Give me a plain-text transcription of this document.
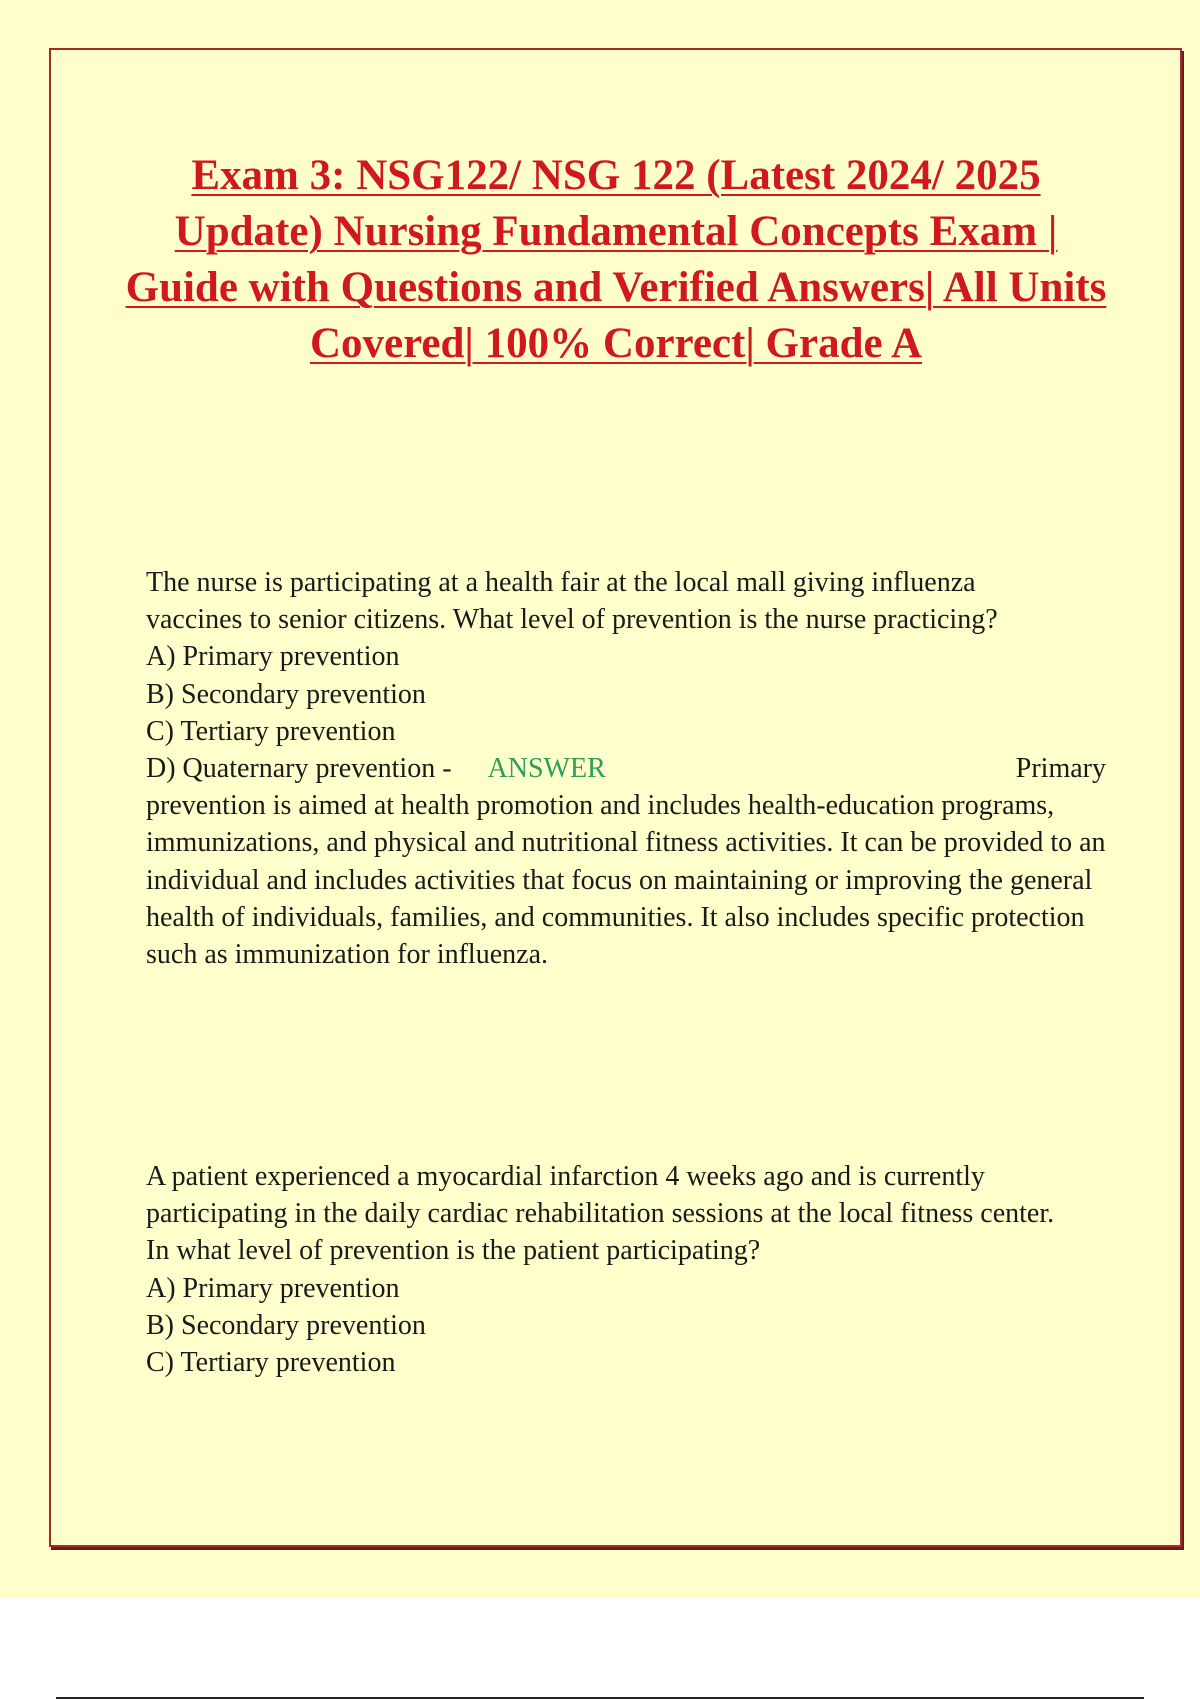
Exam 3: NSG122/ NSG 122 (Latest 2024/ 2025 Update) Nursing Fundamental Concepts Exam | Guide with Questions and Verified Answers| All Units Covered| 100% Correct| Grade A

The nurse is participating at a health fair at the local mall giving influenza vaccines to senior citizens. What level of prevention is the nurse practicing?

A) Primary prevention

B) Secondary prevention

C) Tertiary prevention

D) Quaternary prevention - ANSWER	Primary

prevention is aimed at health promotion and includes health-education programs, immunizations, and physical and nutritional fitness activities. It can be provided to an individual and includes activities that focus on maintaining or improving the general health of individuals, families, and communities. It also includes specific protection such as immunization for influenza.

A patient experienced a myocardial infarction 4 weeks ago and is currently participating in the daily cardiac rehabilitation sessions at the local fitness center. In what level of prevention is the patient participating?

A) Primary prevention

B) Secondary prevention

C) Tertiary prevention
